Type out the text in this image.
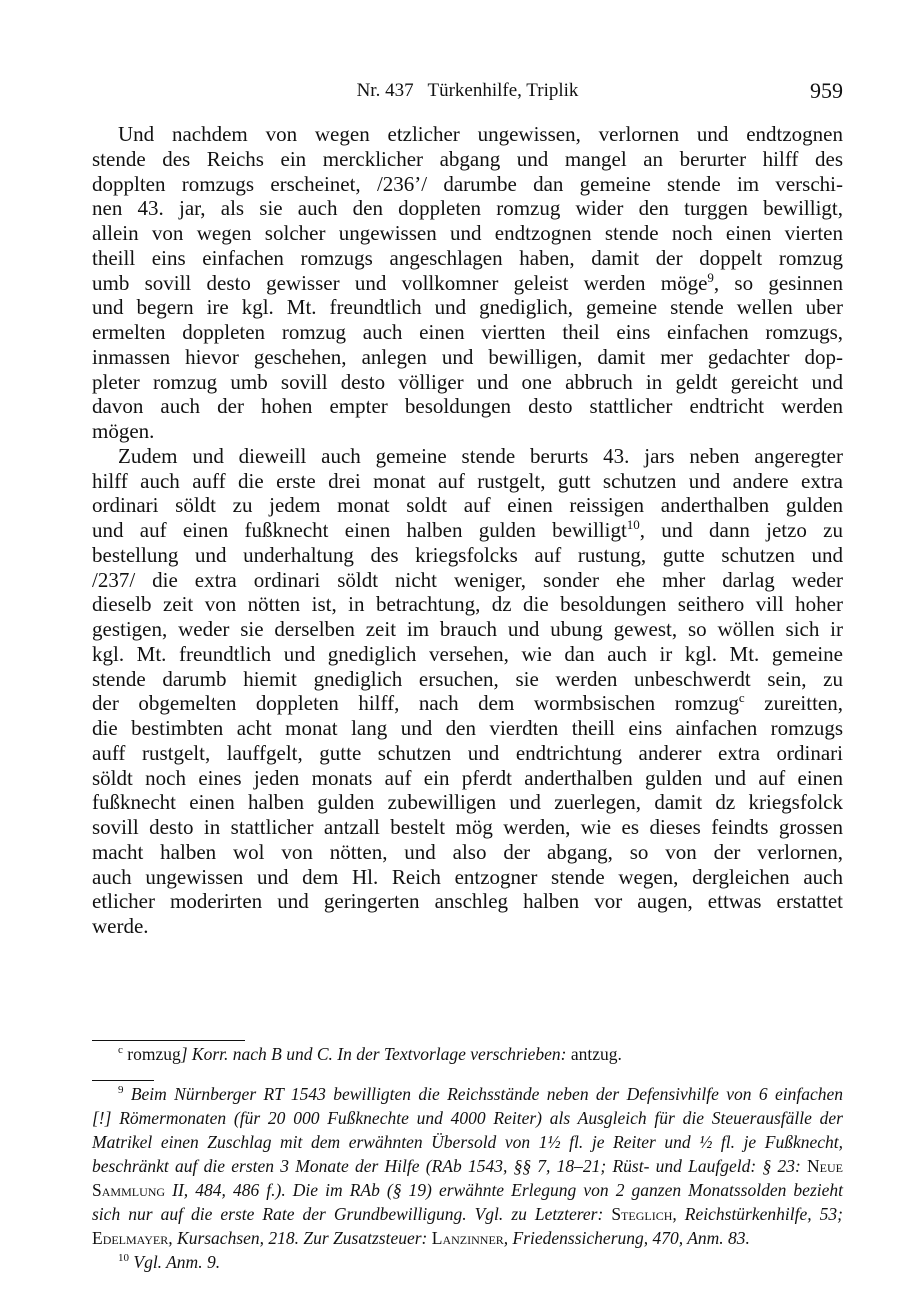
Nr. 437   Türkenhilfe, Triplik	959
Und nachdem von wegen etzlicher ungewissen, verlornen und endtzognen
stende des Reichs ein mercklicher abgang und mangel an berurter hilff des
dopplten romzugs erscheinet, /236’/ darumbe dan gemeine stende im verschi-
nen 43. jar, als sie auch den doppleten romzug wider den turggen bewilligt,
allein von wegen solcher ungewissen und endtzognen stende noch einen vierten
theill eins einfachen romzugs angeschlagen haben, damit der doppelt romzug
umb sovill desto gewisser und vollkomner geleist werden möge$^9$, so gesinnen
und begern ire kgl. Mt. freundtlich und gnediglich, gemeine stende wellen uber
ermelten doppleten romzug auch einen viertten theil eins einfachen romzugs,
inmassen hievor geschehen, anlegen und bewilligen, damit mer gedachter dop-
pleter romzug umb sovill desto völliger und one abbruch in geldt gereicht und
davon auch der hohen empter besoldungen desto stattlicher endtricht werden
mögen.
Zudem und dieweill auch gemeine stende berurts 43. jars neben angeregter
hilff auch auff die erste drei monat auf rustgelt, gutt schutzen und andere extra
ordinari söldt zu jedem monat soldt auf einen reissigen anderthalben gulden
und auf einen fußknecht einen halben gulden bewilligt$^{10}$, und dann jetzo zu
bestellung und underhaltung des kriegsfolcks auf rustung, gutte schutzen und
/237/ die extra ordinari söldt nicht weniger, sonder ehe mher darlag weder
dieselb zeit von nötten ist, in betrachtung, dz die besoldungen seithero vill hoher
gestigen, weder sie derselben zeit im brauch und ubung gewest, so wöllen sich ir
kgl. Mt. freundtlich und gnediglich versehen, wie dan auch ir kgl. Mt. gemeine
stende darumb hiemit gnediglich ersuchen, sie werden unbeschwerdt sein, zu
der obgemelten doppleten hilff, nach dem wormbsischen romzug$^c$ zureitten,
die bestimbten acht monat lang und den vierdten theill eins ainfachen romzugs
auff rustgelt, lauffgelt, gutte schutzen und endtrichtung anderer extra ordinari
söldt noch eines jeden monats auf ein pferdt anderthalben gulden und auf einen
fußknecht einen halben gulden zubewilligen und zuerlegen, damit dz kriegsfolck
sovill desto in stattlicher antzall bestelt mög werden, wie es dieses feindts grossen
macht halben wol von nötten, und also der abgang, so von der verlornen,
auch ungewissen und dem Hl. Reich entzogner stende wegen, dergleichen auch
etlicher moderirten und geringerten anschleg halben vor augen, ettwas erstattet
werde.
$^c$ romzug] Korr. nach B und C. In der Textvorlage verschrieben: antzug.
$^9$ Beim Nürnberger RT 1543 bewilligten die Reichsstände neben der Defensivhilfe von 6 einfachen
[!] Römermonaten (für 20 000 Fußknechte und 4000 Reiter) als Ausgleich für die Steuerausfälle der
Matrikel einen Zuschlag mit dem erwähnten Übersold von 1½ fl. je Reiter und ½ fl. je Fußknecht,
beschränkt auf die ersten 3 Monate der Hilfe (RAb 1543, §§ 7, 18–21; Rüst- und Laufgeld: § 23: Neue
Sammlung II, 484, 486 f.). Die im RAb (§ 19) erwähnte Erlegung von 2 ganzen Monatssolden bezieht
sich nur auf die erste Rate der Grundbewilligung. Vgl. zu Letzterer: Steglich, Reichstürkenhilfe, 53;
Edelmayer, Kursachsen, 218. Zur Zusatzsteuer: Lanzinner, Friedenssicherung, 470, Anm. 83.
$^{10}$ Vgl. Anm. 9.
